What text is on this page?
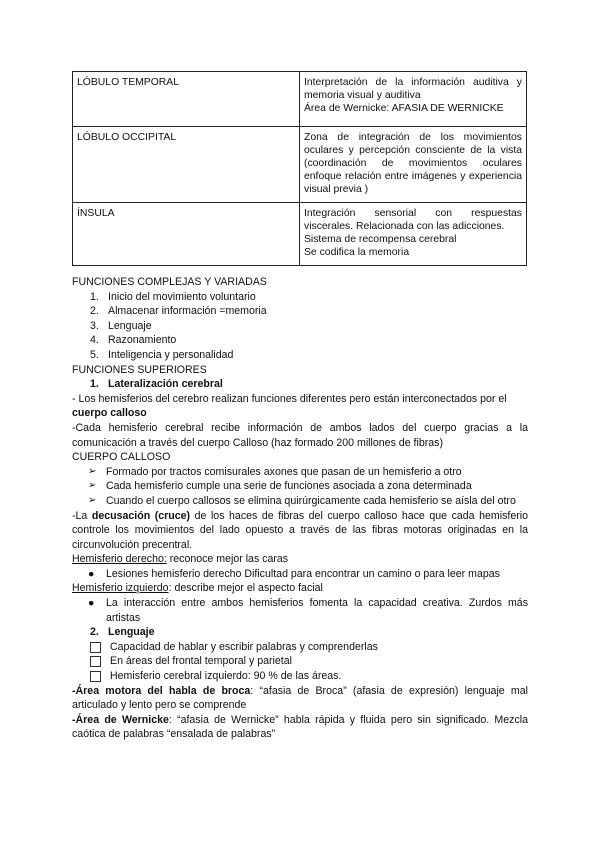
LÓBULO TEMPORAL	Interpretación de la información auditiva y memoria visual y auditiva
Área de Wernicke: AFASIA DE WERNICKE

LÓBULO OCCIPITAL	Zona de integración de los movimientos oculares y percepción consciente de la vista (coordinación de movimientos oculares enfoque relación entre imágenes y experiencia visual previa )

ÍNSULA	Integración sensorial con respuestas viscerales. Relacionada con las adicciones.
Sistema de recompensa cerebral
Se codifica la memoria
FUNCIONES COMPLEJAS Y VARIADAS
1. Inicio del movimiento voluntario
2. Almacenar información =memoria
3. Lenguaje
4. Razonamiento
5. Inteligencia y personalidad
FUNCIONES SUPERIORES
1. Lateralización cerebral
- Los hemisferios del cerebro realizan funciones diferentes pero están interconectados por el
cuerpo calloso
-Cada hemisferio cerebral recibe información de ambos lados del cuerpo gracias a la comunicación a través del cuerpo Calloso (haz formado 200 millones de fibras)
CUERPO CALLOSO
➢ Formado por tractos comisurales axones que pasan de un hemisferio a otro
➢ Cada hemisferio cumple una serie de funciones asociada a zona determinada
➢ Cuando el cuerpo callosos se elimina quirúrgicamente cada hemisferio se aísla del otro
-La decusación (cruce) de los haces de fibras del cuerpo calloso hace que cada hemisferio controle los movimientos del lado opuesto a través de las fibras motoras originadas en la circunvolución precentral.
Hemisferio derecho: reconoce mejor las caras
●	Lesiones hemisferio derecho Dificultad para encontrar un camino o para leer mapas
Hemisferio izquierdo: describe mejor el aspecto facial
●	La interacción entre ambos hemisferios fomenta la capacidad creativa. Zurdos más artistas
2. Lenguaje
Capacidad de hablar y escribir palabras y comprenderlas
En áreas del frontal temporal y parietal
Hemisferio cerebral izquierdo: 90 % de las áreas.
-Área motora del habla de broca: “afasia de Broca” (afasia de expresión) lenguaje mal articulado y lento pero se comprende
-Área de Wernicke: “afasia de Wernicke” habla rápida y fluida pero sin significado. Mezcla caótica de palabras “ensalada de palabras”
